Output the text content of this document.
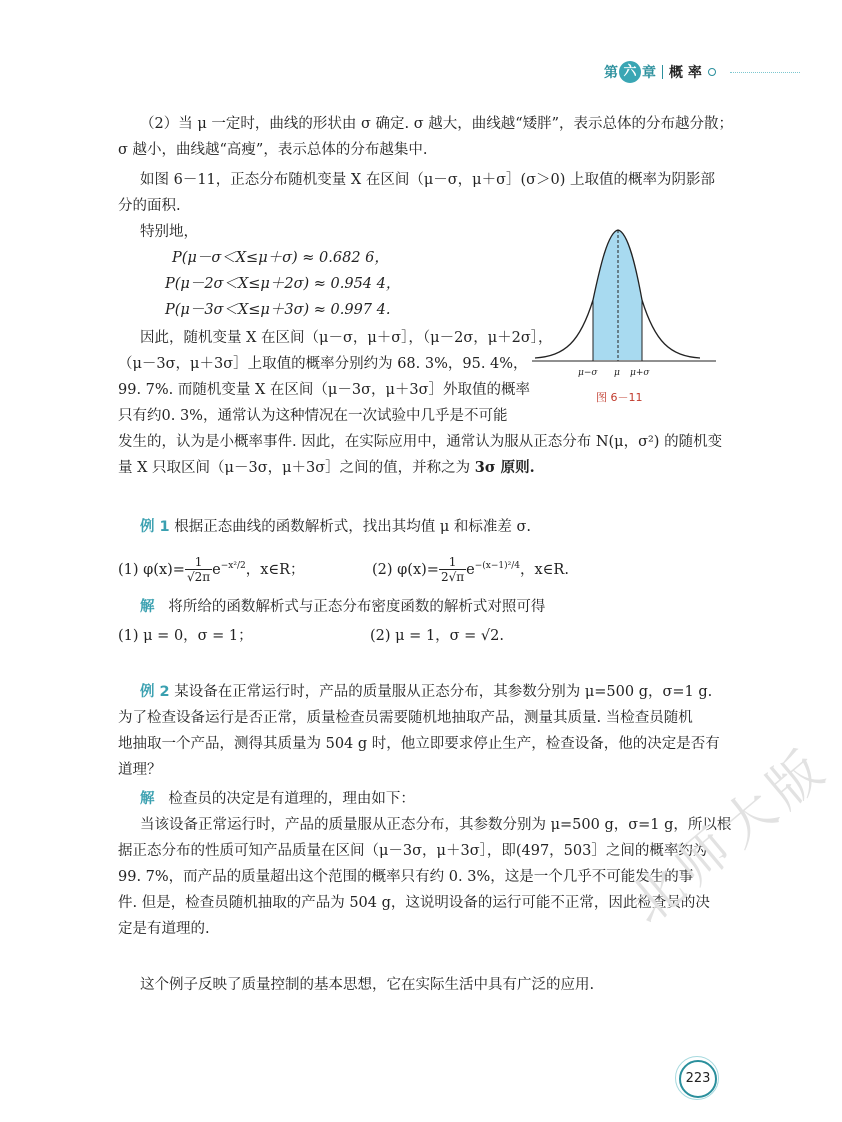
第 六 章 概 率
（2）当 μ 一定时，曲线的形状由 σ 确定. σ 越大，曲线越“矮胖”，表示总体的分布越分散；
σ 越小，曲线越“高瘦”，表示总体的分布越集中.
如图 6－11，正态分布随机变量 X 在区间（μ－σ，μ＋σ］(σ＞0) 上取值的概率为阴影部
分的面积.
特别地，
P(μ－σ＜X≤μ＋σ) ≈ 0.682 6，
P(μ－2σ＜X≤μ＋2σ) ≈ 0.954 4，
P(μ－3σ＜X≤μ＋3σ) ≈ 0.997 4.
因此，随机变量 X 在区间（μ－σ，μ＋σ］，（μ－2σ，μ＋2σ］，
（μ－3σ，μ＋3σ］上取值的概率分别约为 68. 3%，95. 4%，
99. 7%. 而随机变量 X 在区间（μ－3σ，μ＋3σ］外取值的概率
只有约0. 3%，通常认为这种情况在一次试验中几乎是不可能
发生的，认为是小概率事件. 因此，在实际应用中，通常认为服从正态分布 N(μ，σ²) 的随机变
量 X 只取区间（μ－3σ，μ＋3σ］之间的值，并称之为 3σ 原则.
μ−σ μ μ+σ
图 6－11
例 1 根据正态曲线的函数解析式，找出其均值 μ 和标准差 σ.
(1) $\varphi(x)= \frac{1}{√2\pi} e^{-x^2/2}$，x∈R；	(2) $\varphi(x)= \frac{1}{2√\pi} e^{-(x-1)^2/4}$，x∈R.
解 将所给的函数解析式与正态分布密度函数的解析式对照可得
(1) μ = 0，σ = 1；	(2) μ = 1，σ = √2.
例 2 某设备在正常运行时，产品的质量服从正态分布，其参数分别为 μ=500 g，σ=1 g.
为了检查设备运行是否正常，质量检查员需要随机地抽取产品，测量其质量. 当检查员随机
地抽取一个产品，测得其质量为 504 g 时，他立即要求停止生产，检查设备，他的决定是否有
道理？
解 检查员的决定是有道理的，理由如下：
当该设备正常运行时，产品的质量服从正态分布，其参数分别为 μ=500 g，σ=1 g，所以根
据正态分布的性质可知产品质量在区间（μ－3σ，μ＋3σ］，即(497，503］之间的概率约为
99. 7%，而产品的质量超出这个范围的概率只有约 0. 3%，这是一个几乎不可能发生的事
件. 但是，检查员随机抽取的产品为 504 g，这说明设备的运行可能不正常，因此检查员的决
定是有道理的.
这个例子反映了质量控制的基本思想，它在实际生活中具有广泛的应用.
北师大版
223
